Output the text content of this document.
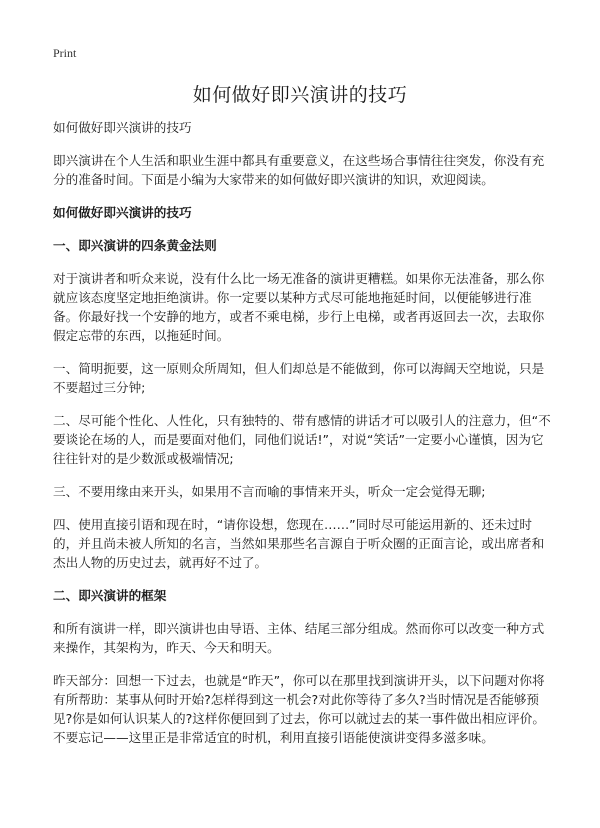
Print
如何做好即兴演讲的技巧

如何做好即兴演讲的技巧

即兴演讲在个人生活和职业生涯中都具有重要意义，在这些场合事情往往突发，你没有充分的准备时间。下面是小编为大家带来的如何做好即兴演讲的知识，欢迎阅读。

如何做好即兴演讲的技巧
一、即兴演讲的四条黄金法则

对于演讲者和听众来说，没有什么比一场无准备的演讲更糟糕。如果你无法准备，那么你就应该态度坚定地拒绝演讲。你一定要以某种方式尽可能地拖延时间，以便能够进行准备。你最好找一个安静的地方，或者不乘电梯，步行上电梯，或者再返回去一次，去取你假定忘带的东西，以拖延时间。

一、简明扼要，这一原则众所周知，但人们却总是不能做到，你可以海阔天空地说，只是不要超过三分钟;

二、尽可能个性化、人性化，只有独特的、带有感情的讲话才可以吸引人的注意力，但“不要谈论在场的人，而是要面对他们，同他们说话!”，对说“笑话”一定要小心谨慎，因为它往往针对的是少数派或极端情况;

三、不要用缘由来开头，如果用不言而喻的事情来开头，听众一定会觉得无聊;

四、使用直接引语和现在时，“请你设想，您现在……”同时尽可能运用新的、还未过时的，并且尚未被人所知的名言，当然如果那些名言源自于听众圈的正面言论，或出席者和杰出人物的历史过去，就再好不过了。

二、即兴演讲的框架

和所有演讲一样，即兴演讲也由导语、主体、结尾三部分组成。然而你可以改变一种方式来操作，其架构为，昨天、今天和明天。

昨天部分：回想一下过去，也就是“昨天”，你可以在那里找到演讲开头，以下问题对你将有所帮助：某事从何时开始?怎样得到这一机会?对此你等待了多久?当时情况是否能够预见?你是如何认识某人的?这样你便回到了过去，你可以就过去的某一事件做出相应评价。不要忘记——这里正是非常适宜的时机，利用直接引语能使演讲变得多滋多味。
